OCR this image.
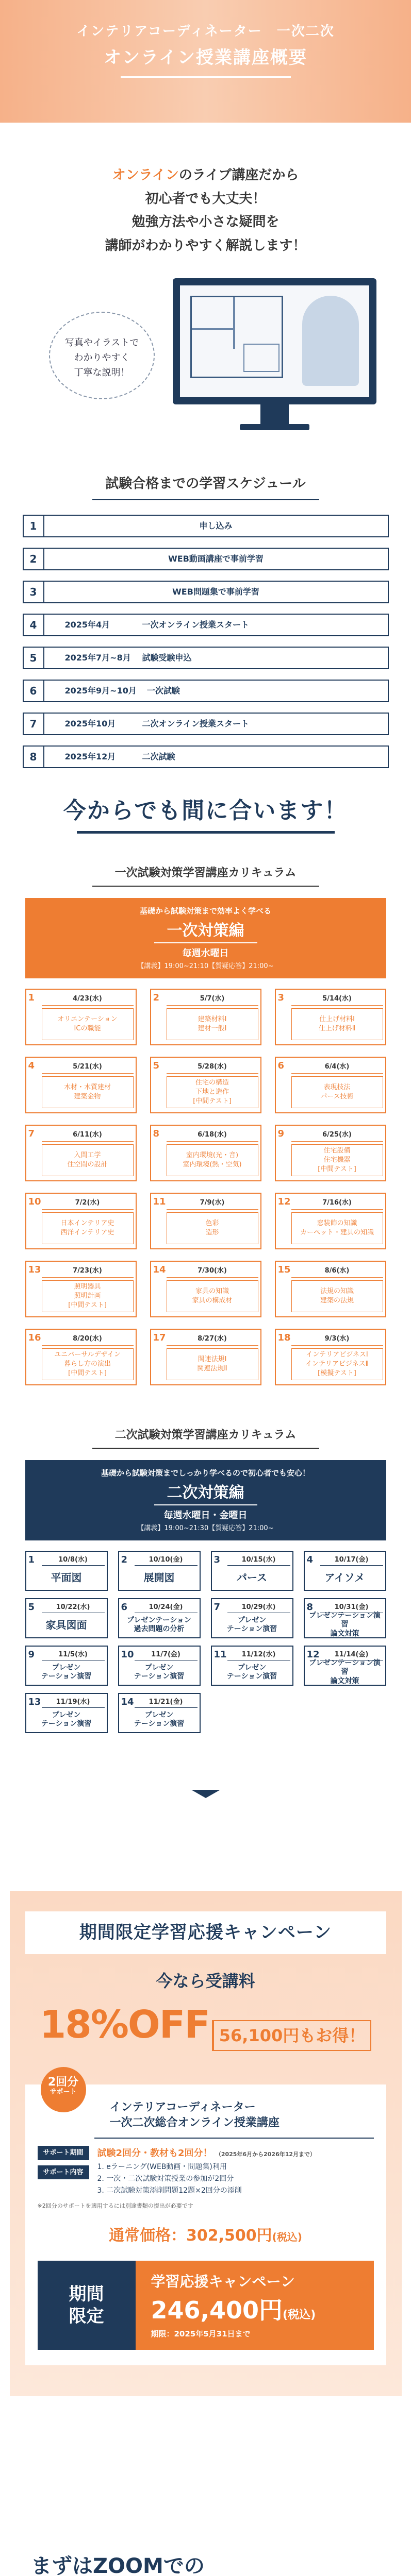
インテリアコーディネーター　一次二次
オンライン授業講座概要
オンラインのライブ講座だから
初心者でも大丈夫！
勉強方法や小さな疑問を
講師がわかりやすく解説します！
写真やイラストで
わかりやすく
丁寧な説明！
試験合格までの学習スケジュール
1	申し込み
2	WEB動画講座で事前学習
3	WEB問題集で事前学習
4	2025年4月	一次オンライン授業スタート
5	2025年7月~8月 試験受験申込
6	2025年9月~10月 一次試験
7	2025年10月	二次オンライン授業スタート
8	2025年12月	二次試験
今からでも間に合います！
一次試験対策学習講座カリキュラム
基礎から試験対策まで効率よく学べる
一次対策編
毎週水曜日
【講義】19:00~21:10【質疑応答】21:00~
1	4/23(水)
オリエンテーション
ICの職能
2	5/7(水)
建築材料Ⅰ
建材一般Ⅰ
3	5/14(水)
仕上げ材料Ⅰ
仕上げ材料Ⅱ
4	5/21(水)
木材・木質建材
建築金物
5	5/28(水)
住宅の構造
下地と造作
[中間テスト]
6	6/4(水)
表現技法
パース技術
7	6/11(水)
入間工学
住空間の設計
8	6/18(水)
室内環境(光・音)
室内環境(熱・空気)
9	6/25(水)
住宅設備
住宅機器
[中間テスト]
10	7/2(水)
日本インテリア史
西洋インテリア史
11	7/9(水)
色彩
造形
12	7/16(水)
窓装飾の知識
カーペット・建具の知識
13	7/23(水)
照明器具
照明計画
[中間テスト]
14	7/30(水)
家具の知識
家具の構成材
15	8/6(水)
法規の知識
建築の法規
16	8/20(水)
ユニバーサルデザイン
暮らし方の演出
[中間テスト]
17	8/27(水)
関連法規Ⅰ
関連法規Ⅱ
18	9/3(水)
インテリアビジネスⅠ
インテリアビジネスⅡ
[模擬テスト]
二次試験対策学習講座カリキュラム
基礎から試験対策までしっかり学べるので初心者でも安心！
二次対策編
毎週水曜日・金曜日
【講義】19:00~21:30【質疑応答】21:00~
1	10/8(水)
平面図
2	10/10(金)
展開図
3	10/15(水)
パース
4	10/17(金)
アイソメ
5	10/22(水)
家具図面
6	10/24(金)
プレゼンテーション
過去問題の分析
7	10/29(水)
プレゼン
テーション演習
8	10/31(金)
プレゼンテーション演習
論文対策
9	11/5(水)
プレゼン
テーション演習
10	11/7(金)
プレゼン
テーション演習
11	11/12(水)
プレゼン
テーション演習
12	11/14(金)
プレゼンテーション演習
論文対策
13	11/19(水)
プレゼン
テーション演習
14	11/21(金)
プレゼン
テーション演習
期間限定学習応援キャンペーン
今なら受講料
18%OFF 56,100円もお得！
2回分
サポート
インテリアコーディネーター
一次二次総合オンライン授業講座
サポート期間
サポート内容
試験2回分・教材も2回分！ （2025年6月から2026年12月まで）
1. eラーニング(WEB動画・問題集)利用
2. 一次・二次試験対策授業の参加が2回分
3. 二次試験対策添削問題12題×2回分の添削
※2回分のサポートを適用するには別途書類の提出が必要です
通常価格：302,500円(税込)
期間
限定
学習応援キャンペーン
246,400円(税込)
期限：2025年5月31日まで
まずはZOOMでの
